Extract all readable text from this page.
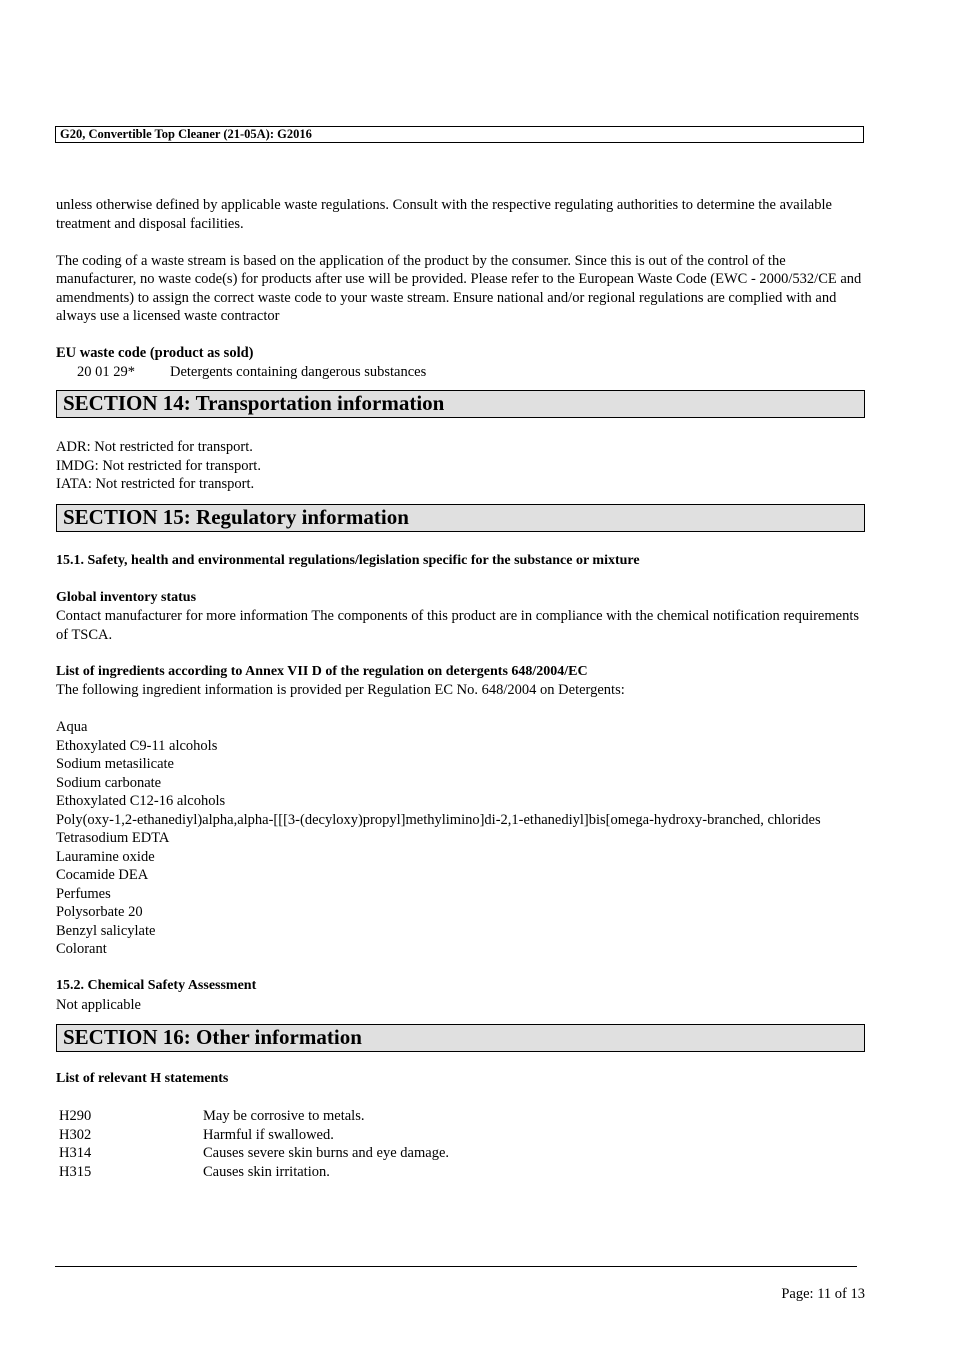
G20, Convertible Top Cleaner (21-05A): G2016

unless otherwise defined by applicable waste regulations. Consult with the respective regulating authorities to determine the available treatment and disposal facilities.

The coding of a waste stream is based on the application of the product by the consumer. Since this is out of the control of the manufacturer, no waste code(s) for products after use will be provided. Please refer to the European Waste Code (EWC - 2000/532/CE and amendments) to assign the correct waste code to your waste stream. Ensure national and/or regional regulations are complied with and always use a licensed waste contractor

EU waste code (product as sold)

20 01 29*	Detergents containing dangerous substances
SECTION 14: Transportation information

ADR: Not restricted for transport.

IMDG: Not restricted for transport.

IATA: Not restricted for transport.

SECTION 15: Regulatory information

15.1. Safety, health and environmental regulations/legislation specific for the substance or mixture

Global inventory status

Contact manufacturer for more information The components of this product are in compliance with the chemical notification requirements of TSCA.

List of ingredients according to Annex VII D of the regulation on detergents 648/2004/EC

The following ingredient information is provided per Regulation EC No. 648/2004 on Detergents:

Aqua

Ethoxylated C9-11 alcohols

Sodium metasilicate

Sodium carbonate

Ethoxylated C12-16 alcohols

Poly(oxy-1,2-ethanediyl)alpha,alpha-[[[3-(decyloxy)propyl]methylimino]di-2,1-ethanediyl]bis[omega-hydroxy-branched, chlorides

Tetrasodium EDTA

Lauramine oxide

Cocamide DEA

Perfumes

Polysorbate 20

Benzyl salicylate

Colorant

15.2. Chemical Safety Assessment

Not applicable

SECTION 16: Other information

List of relevant H statements

H290	May be corrosive to metals.
H302	Harmful if swallowed.
H314	Causes severe skin burns and eye damage.
H315	Causes skin irritation.
Page: 11 of 13
